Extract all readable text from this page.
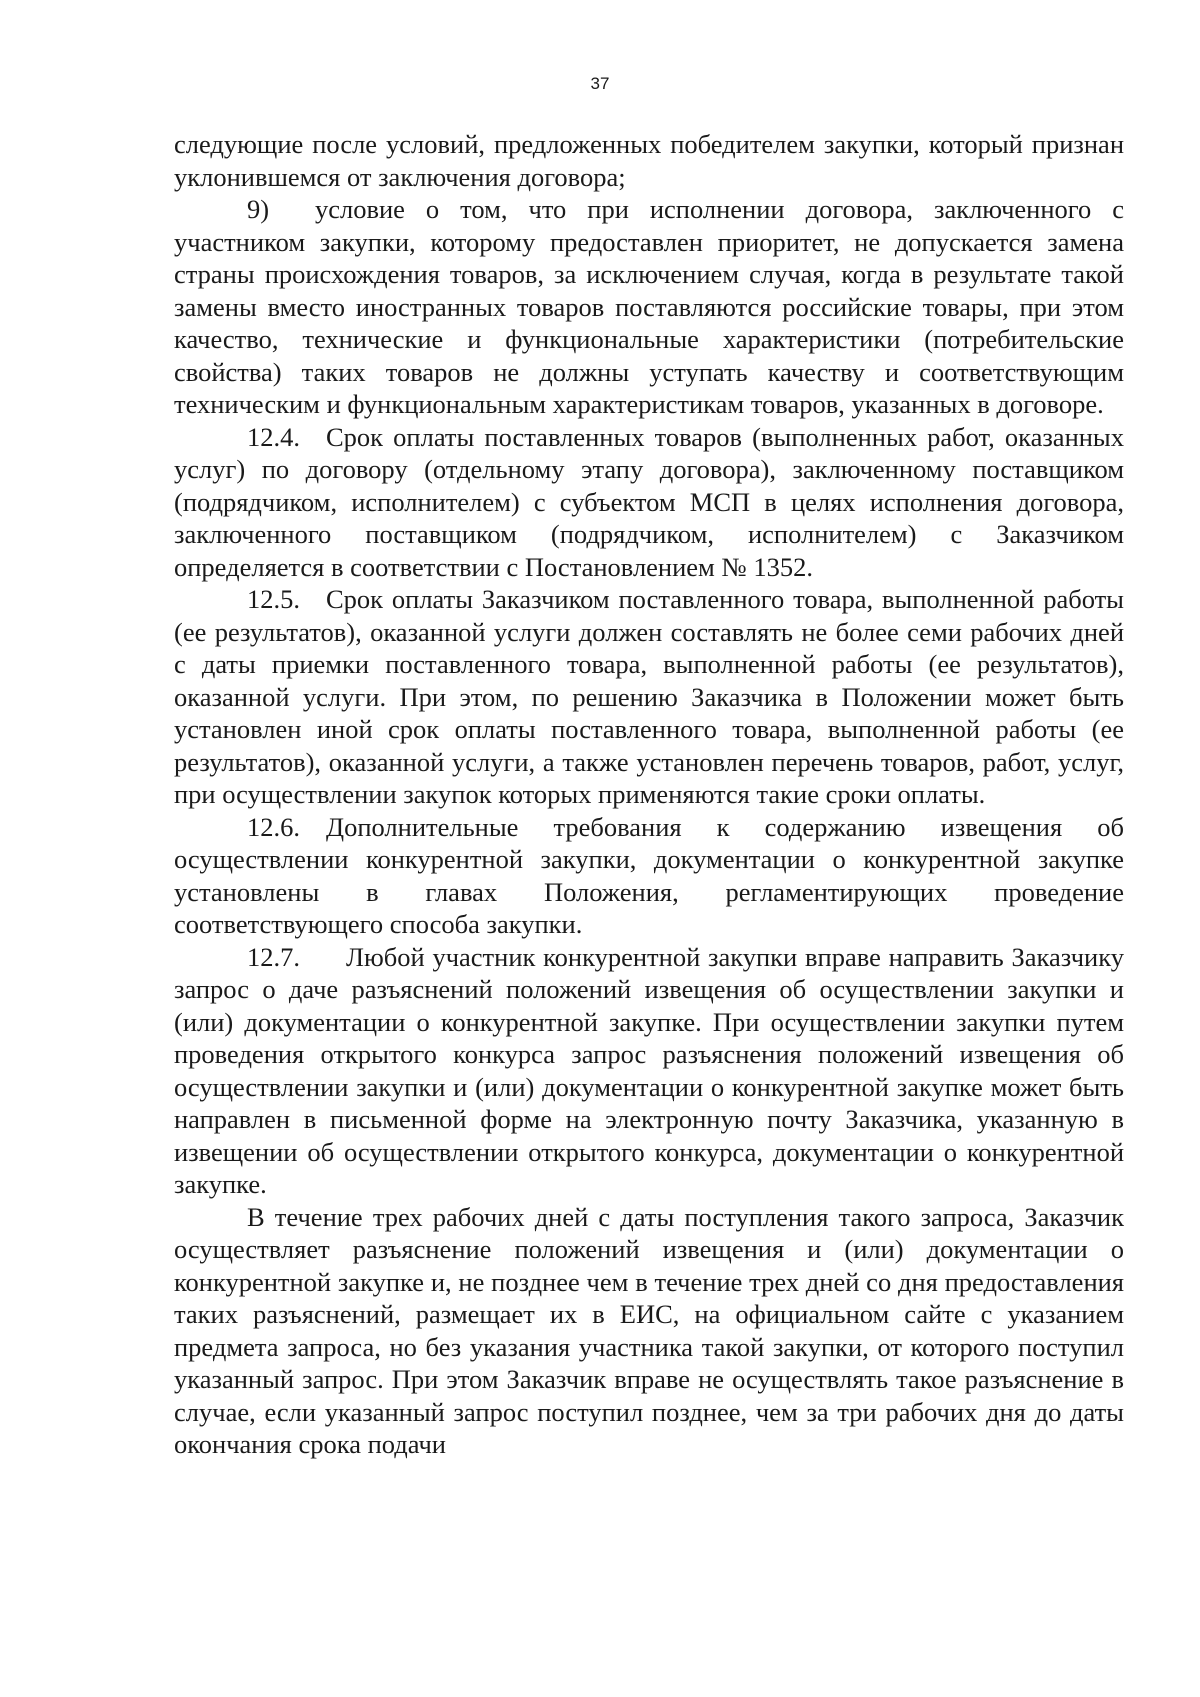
37

следующие после условий, предложенных победителем закупки, который признан уклонившемся от заключения договора;

9) условие о том, что при исполнении договора, заключенного с участником закупки, которому предоставлен приоритет, не допускается замена страны происхождения товаров, за исключением случая, когда в результате такой замены вместо иностранных товаров поставляются российские товары, при этом качество, технические и функциональные характеристики (потребительские свойства) таких товаров не должны уступать качеству и соответствующим техническим и функциональным характеристикам товаров, указанных в договоре.

12.4. Срок оплаты поставленных товаров (выполненных работ, оказанных услуг) по договору (отдельному этапу договора), заключенному поставщиком (подрядчиком, исполнителем) с субъектом МСП в целях исполнения договора, заключенного поставщиком (подрядчиком, исполнителем) с Заказчиком определяется в соответствии с Постановлением № 1352.

12.5. Срок оплаты Заказчиком поставленного товара, выполненной работы (ее результатов), оказанной услуги должен составлять не более семи рабочих дней с даты приемки поставленного товара, выполненной работы (ее результатов), оказанной услуги. При этом, по решению Заказчика в Положении может быть установлен иной срок оплаты поставленного товара, выполненной работы (ее результатов), оказанной услуги, а также установлен перечень товаров, работ, услуг, при осуществлении закупок которых применяются такие сроки оплаты.

12.6. Дополнительные требования к содержанию извещения об осуществлении конкурентной закупки, документации о конкурентной закупке установлены в главах Положения, регламентирующих проведение соответствующего способа закупки.

12.7. Любой участник конкурентной закупки вправе направить Заказчику запрос о даче разъяснений положений извещения об осуществлении закупки и (или) документации о конкурентной закупке. При осуществлении закупки путем проведения открытого конкурса запрос разъяснения положений извещения об осуществлении закупки и (или) документации о конкурентной закупке может быть направлен в письменной форме на электронную почту Заказчика, указанную в извещении об осуществлении открытого конкурса, документации о конкурентной закупке.

В течение трех рабочих дней с даты поступления такого запроса, Заказчик осуществляет разъяснение положений извещения и (или) документации о конкурентной закупке и, не позднее чем в течение трех дней со дня предоставления таких разъяснений, размещает их в ЕИС, на официальном сайте с указанием предмета запроса, но без указания участника такой закупки, от которого поступил указанный запрос. При этом Заказчик вправе не осуществлять такое разъяснение в случае, если указанный запрос поступил позднее, чем за три рабочих дня до даты окончания срока подачи
